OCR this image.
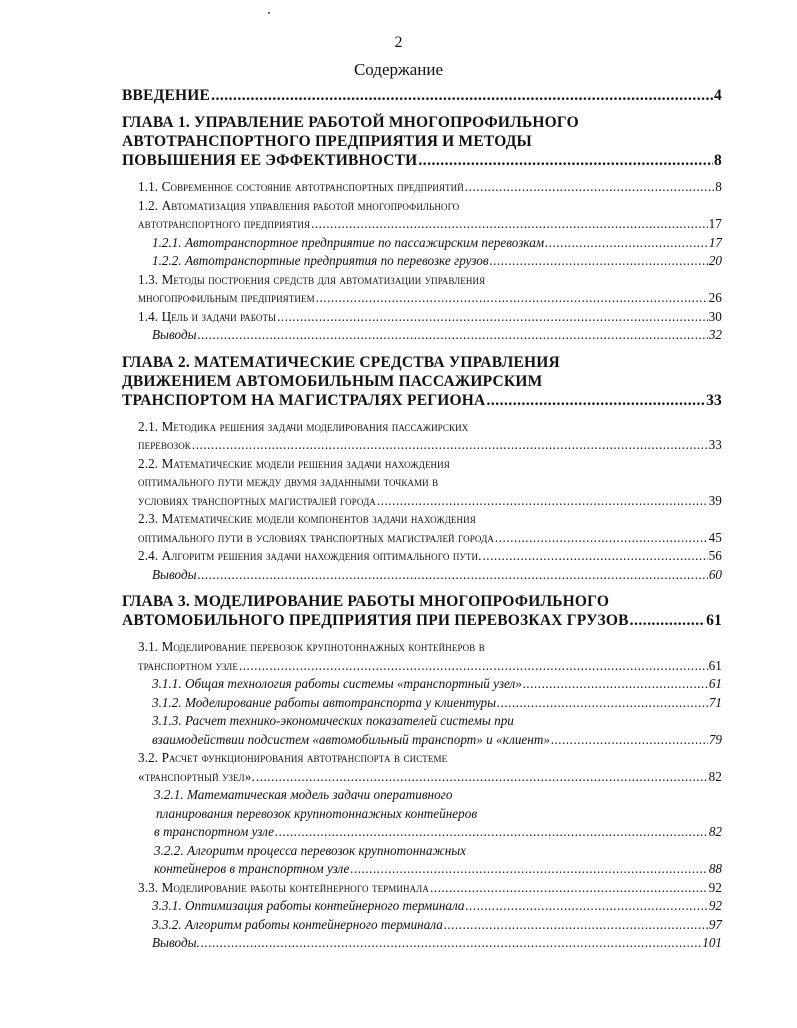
2
Содержание
ВВЕДЕНИЕ .....	4
ГЛАВА 1. УПРАВЛЕНИЕ РАБОТОЙ МНОГОПРОФИЛЬНОГО
АВТОТРАНСПОРТНОГО ПРЕДПРИЯТИЯ И МЕТОДЫ
ПОВЫШЕНИЯ ЕЕ ЭФФЕКТИВНОСТИ .....	8
1.1. Современное состояние автотранспортных предприятий .....	8
1.2. Автоматизация управления работой многопрофильного
автотранспортного предприятия .....	17
1.2.1. Автотранспортное предприятие по пассажирским перевозкам .....	17
1.2.2. Автотранспортные предприятия по перевозке грузов .....	20
1.3. Методы построения средств для автоматизации управления
многопрофильным предприятием .....	26
1.4. Цель и задачи работы .....	30
Выводы .....	32
ГЛАВА 2. МАТЕМАТИЧЕСКИЕ СРЕДСТВА УПРАВЛЕНИЯ
ДВИЖЕНИЕМ АВТОМОБИЛЬНЫМ ПАССАЖИРСКИМ
ТРАНСПОРТОМ НА МАГИСТРАЛЯХ РЕГИОНА .....	33
2.1. Методика решения задачи моделирования пассажирских
перевозок .....	33
2.2. Математические модели решения задачи нахождения
оптимального пути между двумя заданными точками в
условиях транспортных магистралей города .....	39
2.3. Математические модели компонентов задачи нахождения
оптимального пути в условиях транспортных магистралей города .....	45
2.4. Алгоритм решения задачи нахождения оптимального пути. .....	56
Выводы .....	60
ГЛАВА 3. МОДЕЛИРОВАНИЕ РАБОТЫ МНОГОПРОФИЛЬНОГО
АВТОМОБИЛЬНОГО ПРЕДПРИЯТИЯ ПРИ ПЕРЕВОЗКАХ ГРУЗОВ .....	61
3.1. Моделирование перевозок крупнотоннажных контейнеров в
транспортном узле .....	61
3.1.1. Общая технология работы системы «транспортный узел» .....	61
3.1.2. Моделирование работы автотранспорта у клиентуры .....	71
3.1.3. Расчет технико-экономических показателей системы при
взаимодействии подсистем «автомобильный транспорт» и «клиент» .....	79
3.2. Расчет функционирования автотранспорта в системе
«транспортный узел». .....	82
3.2.1. Математическая модель задачи оперативного
планирования перевозок крупнотоннажных контейнеров
в транспортном узле .....	82
3.2.2. Алгоритм процесса перевозок крупнотоннажных
контейнеров в транспортном узле .....	88
3.3. Моделирование работы контейнерного терминала .....	92
3.3.1. Оптимизация работы контейнерного терминала .....	92
3.3.2. Алгоритм работы контейнерного терминала .....	97
Выводы. .....	101
